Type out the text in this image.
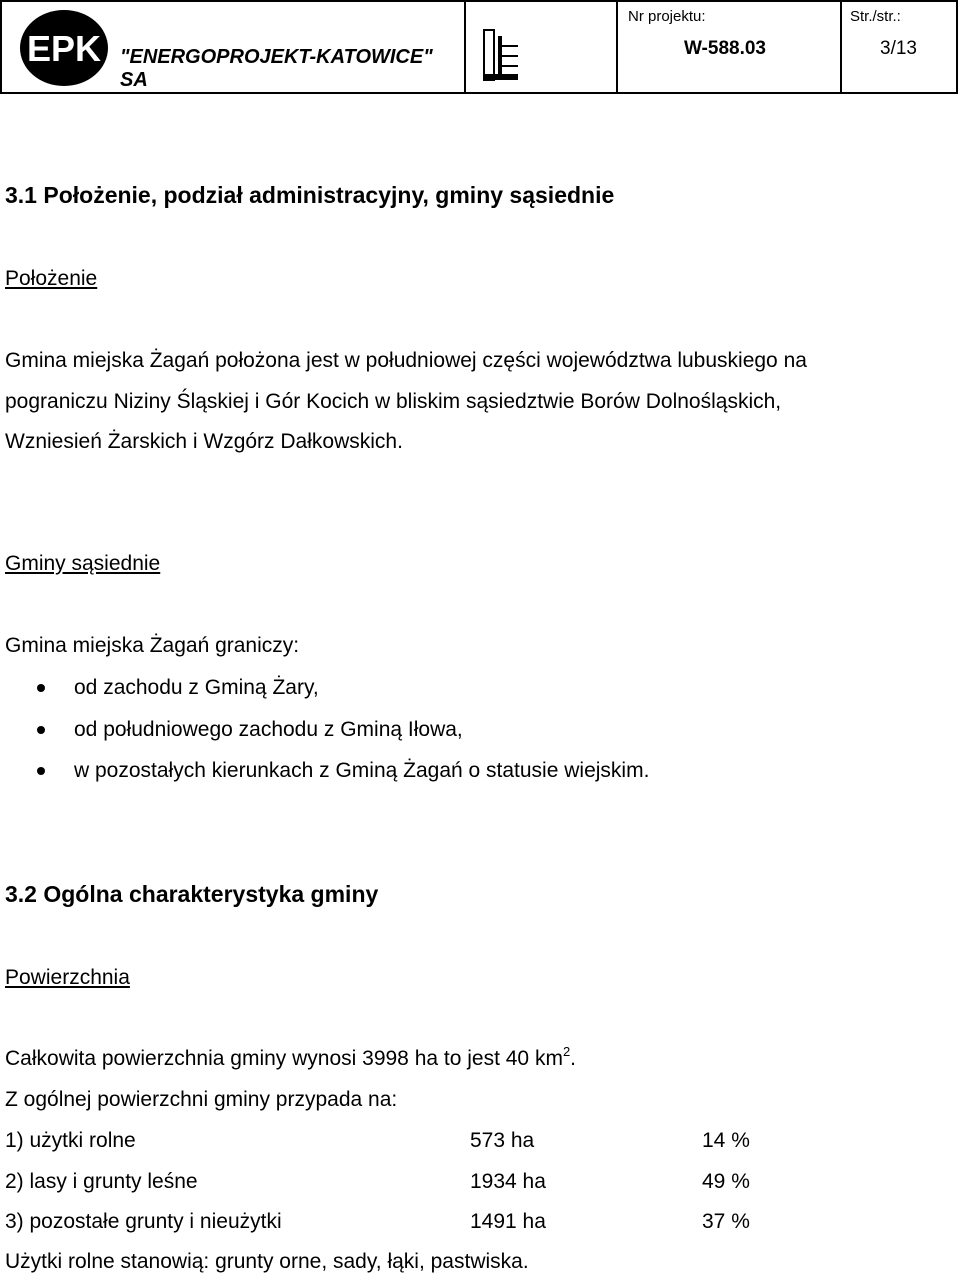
EPK "ENERGOPROJEKT-KATOWICE" SA
Nr projektu:
W-588.03
Str./str.:
3/13
3.1 Położenie, podział administracyjny, gminy sąsiednie
Położenie
Gmina miejska Żagań położona jest w południowej części województwa lubuskiego na
pograniczu Niziny Śląskiej i Gór Kocich w bliskim sąsiedztwie Borów Dolnośląskich,
Wzniesień Żarskich i Wzgórz Dałkowskich.
Gminy sąsiednie
Gmina miejska Żagań graniczy:
od zachodu z Gminą Żary,
od południowego zachodu z Gminą Iłowa,
w pozostałych kierunkach z Gminą Żagań o statusie wiejskim.
3.2 Ogólna charakterystyka gminy
Powierzchnia
Całkowita powierzchnia gminy wynosi 3998 ha to jest 40 $km^2$.
Z ogólnej powierzchni gminy przypada na:
1) użytki rolne	573 ha	14 %
2) lasy i grunty leśne	1934 ha	49 %
3) pozostałe grunty i nieużytki	1491 ha	37 %
Użytki rolne stanowią: grunty orne, sady, łąki, pastwiska.
